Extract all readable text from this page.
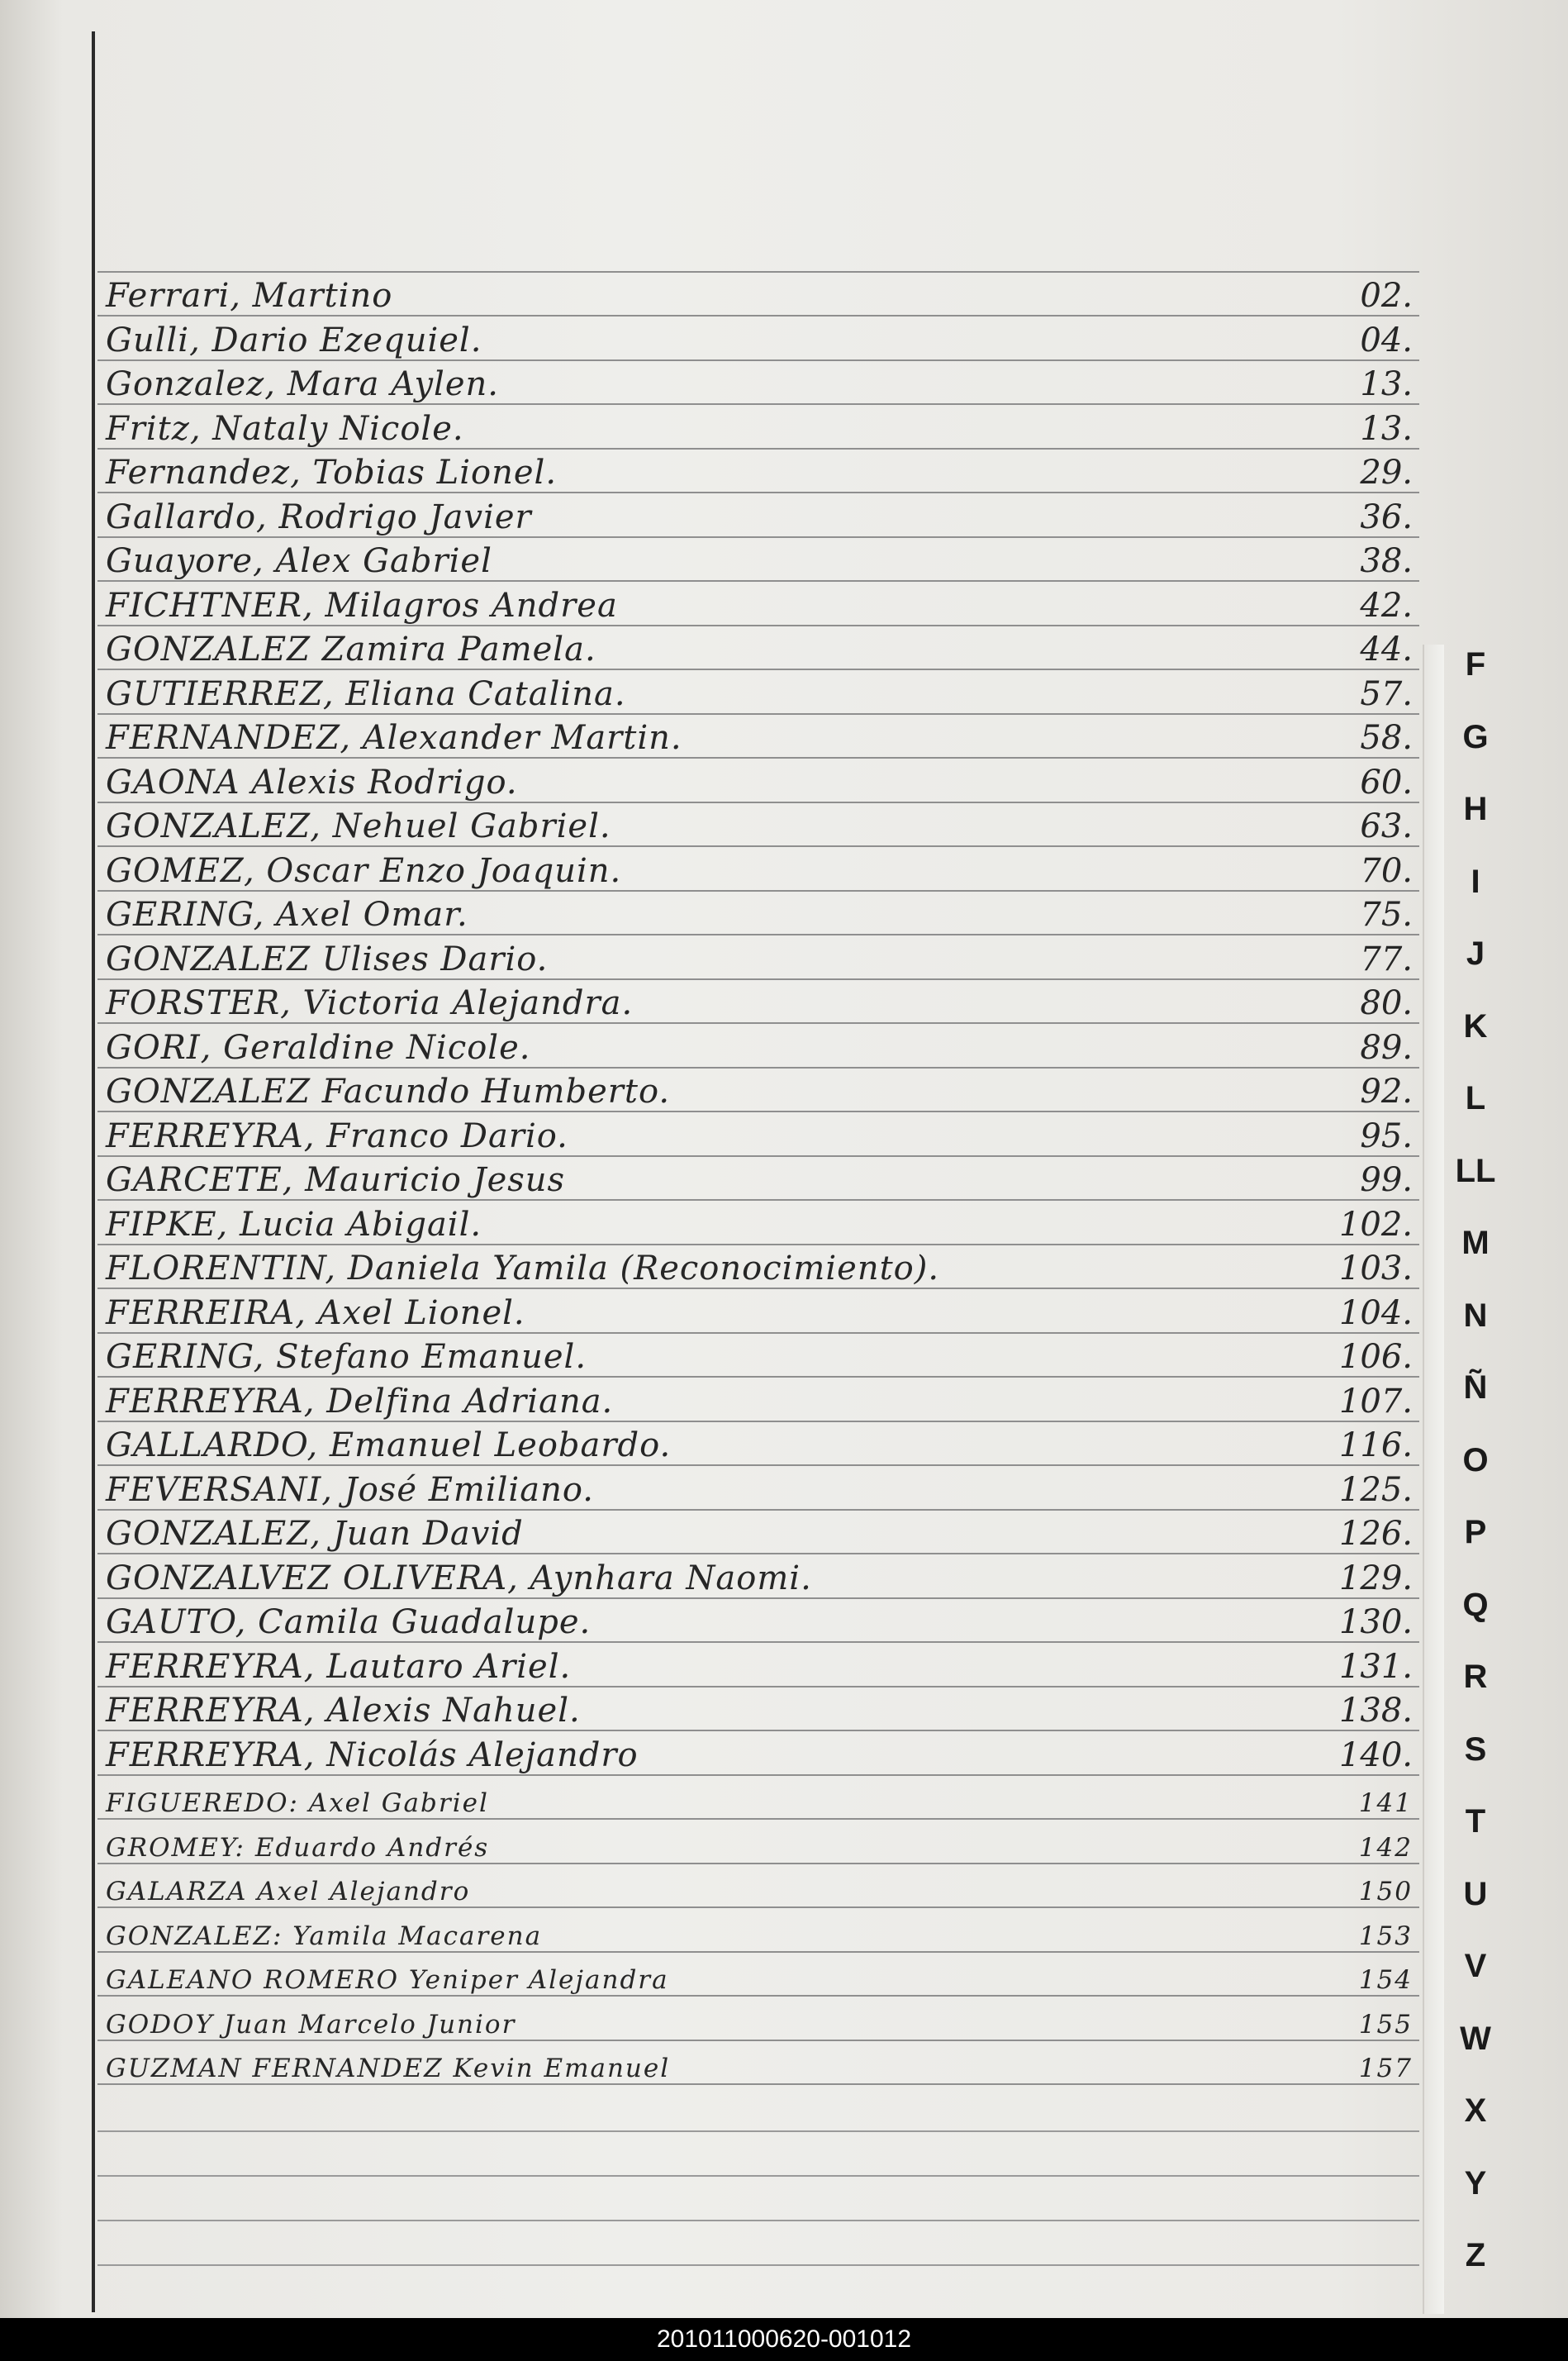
Ferrari, Martino	02.
Gulli, Dario Ezequiel.	04.
Gonzalez, Mara Aylen.	13.
Fritz, Nataly Nicole.	13.
Fernandez, Tobias Lionel.	29.
Gallardo, Rodrigo Javier	36.
Guayore, Alex Gabriel	38.
FICHTNER, Milagros Andrea	42.
GONZALEZ Zamira Pamela.	44.
GUTIERREZ, Eliana Catalina.	57.
FERNANDEZ, Alexander Martin.	58.
GAONA Alexis Rodrigo.	60.
GONZALEZ, Nehuel Gabriel.	63.
GOMEZ, Oscar Enzo Joaquin.	70.
GERING, Axel Omar.	75.
GONZALEZ Ulises Dario.	77.
FORSTER, Victoria Alejandra.	80.
GORI, Geraldine Nicole.	89.
GONZALEZ Facundo Humberto.	92.
FERREYRA, Franco Dario.	95.
GARCETE, Mauricio Jesus	99.
FIPKE, Lucia Abigail.	102.
FLORENTIN, Daniela Yamila (Reconocimiento).	103.
FERREIRA, Axel Lionel.	104.
GERING, Stefano Emanuel.	106.
FERREYRA, Delfina Adriana.	107.
GALLARDO, Emanuel Leobardo.	116.
FEVERSANI, José Emiliano.	125.
GONZALEZ, Juan David	126.
GONZALVEZ OLIVERA, Aynhara Naomi.	129.
GAUTO, Camila Guadalupe.	130.
FERREYRA, Lautaro Ariel.	131.
FERREYRA, Alexis Nahuel.	138.
FERREYRA, Nicolás Alejandro	140.
FIGUEREDO: Axel Gabriel	141
GROMEY: Eduardo Andrés	142
GALARZA Axel Alejandro	150
GONZALEZ: Yamila Macarena	153
GALEANO ROMERO Yeniper Alejandra	154
GODOY Juan Marcelo Junior	155
GUZMAN FERNANDEZ Kevin Emanuel	157
F
G
H
I
J
K
L
LL
M
N
Ñ
O
P
Q
R
S
T
U
V
W
X
Y
Z
201011000620-001012
